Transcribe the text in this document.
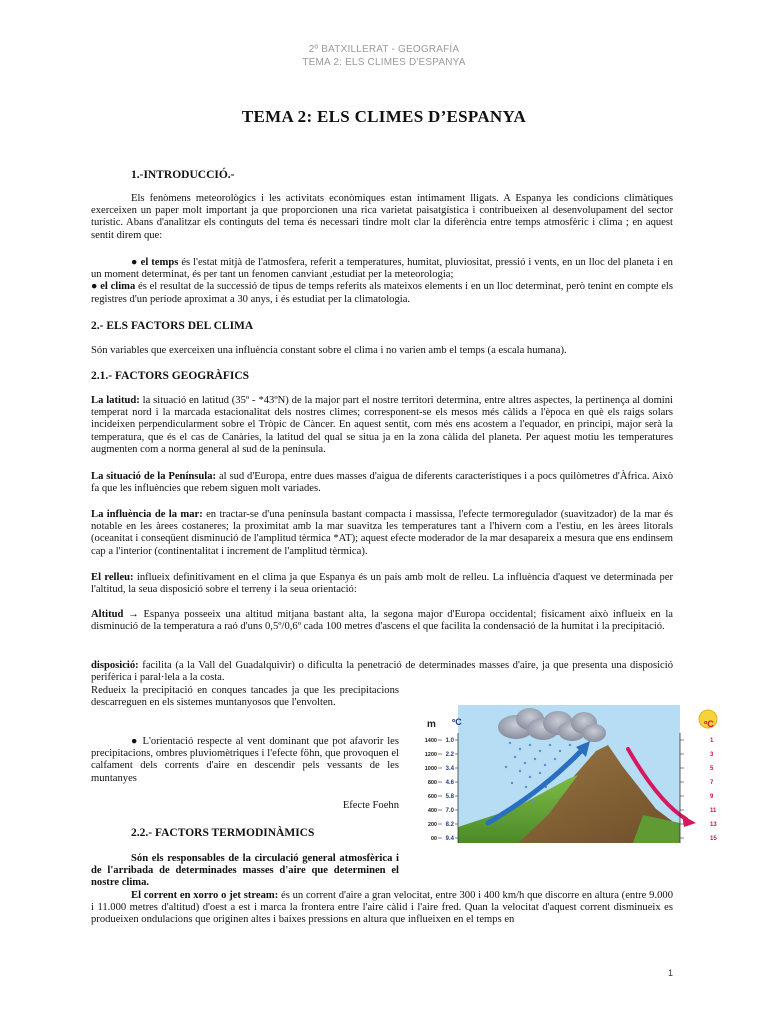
2º BATXILLERAT - GEOGRAFÍA
TEMA 2: ELS CLIMES D'ESPANYA
TEMA 2: ELS CLIMES D’ESPANYA
1.-INTRODUCCIÓ.-
Els fenòmens meteorològics i les activitats econòmiques estan íntimament lligats. A Espanya les condicions climàtiques exerceixen un paper molt important ja que proporcionen una rica varietat paisatgística i contribueixen al desenvolupament del sector turístic. Abans d'analitzar els continguts del tema és necessari tindre molt clar la diferència entre temps atmosfèric i clima ; en aquest sentit direm que:
● el temps és l'estat mitjà de l'atmosfera, referit a temperatures, humitat, pluviositat, pressió i vents, en un lloc del planeta i en un moment determinat, és per tant un fenomen canviant ,estudiat per la meteorologia;
● el clima és el resultat de la successió de tipus de temps referits als mateixos elements i en un lloc determinat, però tenint en compte els registres d'un període aproximat a 30 anys, i és estudiat per la climatologia.
2.- ELS FACTORS DEL CLIMA
Són variables que exerceixen una influència constant sobre el clima i no varien amb el temps (a escala humana).
2.1.- FACTORS GEOGRÀFICS
La latitud: la situació en latitud (35º - *43ºN) de la major part el nostre territori determina, entre altres aspectes, la pertinença al domini temperat nord i la marcada estacionalitat dels nostres climes; corresponent-se els mesos més càlids a l'època en què els raigs solars incideixen perpendicularment sobre el Tròpic de Càncer. En aquest sentit, com més ens acostem a l'equador, en principi, major serà la temperatura, que és el cas de Canàries, la latitud del qual se situa ja en la zona càlida del planeta. Per aquest motiu les temperatures augmenten com a norma general al sud de la península.
La situació de la Península: al sud d'Europa, entre dues masses d'aigua de diferents característiques i a pocs quilòmetres d'Àfrica. Això fa que les influències que rebem siguen molt variades.
La influència de la mar: en tractar-se d'una península bastant compacta i massissa, l'efecte termoregulador (suavitzador) de la mar és notable en les àrees costaneres; la proximitat amb la mar suavitza les temperatures tant a l'hivern com a l'estiu, en les àrees litorals (oceanitat i conseqüent disminució de l'amplitud tèrmica *AT); aquest efecte moderador de la mar desapareix a mesura que ens endinsem cap a l'interior (continentalitat i increment de l'amplitud tèrmica).
El relleu: influeix definitivament en el clima ja que Espanya és un país amb molt de relleu. La influència d'aquest ve determinada per l'altitud, la seua disposició sobre el terreny i la seua orientació:
Altitud → Espanya posseeix una altitud mitjana bastant alta, la segona major d'Europa occidental; físicament això influeix en la disminució de la temperatura a raó d'uns 0,5º/0,6º cada 100 metres d'ascens el que facilita la condensació de la humitat i la precipitació.
disposició: facilita (a la Vall del Guadalquivir) o dificulta la penetració de determinades masses d'aire, ja que presenta una disposició perifèrica i paral·lela a la costa.
Redueix la precipitació en conques tancades ja que les precipitacions descarreguen en els sistemes muntanyosos que l'envolten.
● L'orientació respecte al vent dominant que pot afavorir les precipitacions, ombres pluviomètriques i l'efecte föhn, que provoquen el calfament dels corrents d'aire en descendir pels vessants de les muntanyes
Efecte Foehn
2.2.- FACTORS TERMODINÀMICS
Són els responsables de la circulació general atmosfèrica i de l'arribada de determinades masses d'aire que determinen el nostre clima.
El corrent en xorro o jet stream: és un corrent d'aire a gran velocitat, entre 300 i 400 km/h que discorre en altura (entre 9.000 i 11.000 metres d'altitud) d'oest a est i marca la frontera entre l'aire càlid i l'aire fred. Quan la velocitat d'aquest corrent disminueix es produeixen ondulacions que originen altes i baixes pressions en altura que influeixen en el temps en
m ºC	ºC
1400
1200
1000
800
600
400
200
00
1.0
2.2
3.4
4.6
5.8
7.0
8.2
9.4
1
3
5
7
9
11
13
15
1
